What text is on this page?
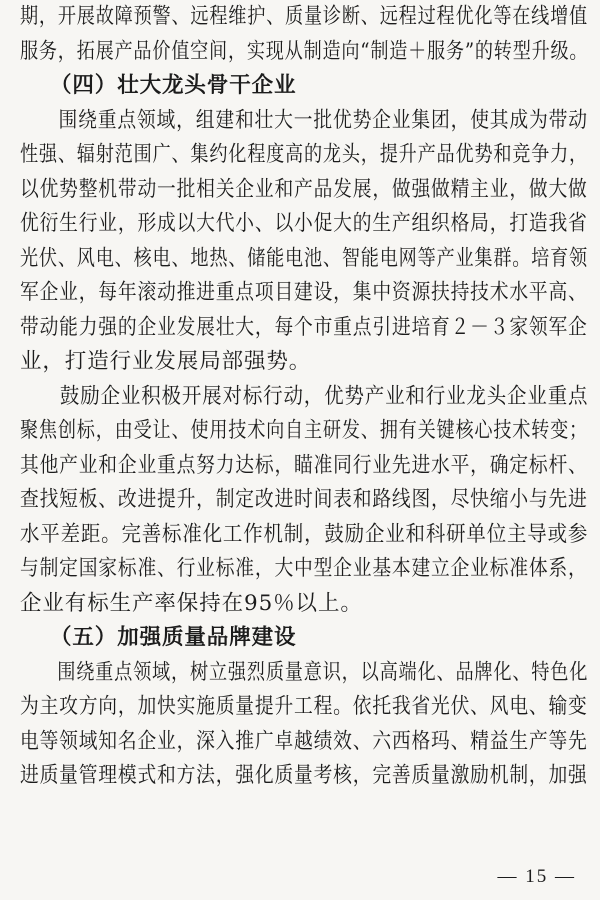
期，开展故障预警、远程维护、质量诊断、远程过程优化等在线增值
服务，拓展产品价值空间，实现从制造向“制造＋服务”的转型升级。

（四）壮大龙头骨干企业

围绕重点领域，组建和壮大一批优势企业集团，使其成为带动
性强、辐射范围广、集约化程度高的龙头，提升产品优势和竞争力，
以优势整机带动一批相关企业和产品发展，做强做精主业，做大做
优衍生行业，形成以大代小、以小促大的生产组织格局，打造我省
光伏、风电、核电、地热、储能电池、智能电网等产业集群。培育领
军企业，每年滚动推进重点项目建设，集中资源扶持技术水平高、
带动能力强的企业发展壮大，每个市重点引进培育２－３家领军企
业，打造行业发展局部强势。
鼓励企业积极开展对标行动，优势产业和行业龙头企业重点
聚焦创标，由受让、使用技术向自主研发、拥有关键核心技术转变；
其他产业和企业重点努力达标，瞄准同行业先进水平，确定标杆、
查找短板、改进提升，制定改进时间表和路线图，尽快缩小与先进
水平差距。完善标准化工作机制，鼓励企业和科研单位主导或参
与制定国家标准、行业标准，大中型企业基本建立企业标准体系，
企业有标生产率保持在95％以上。

（五）加强质量品牌建设

围绕重点领域，树立强烈质量意识，以高端化、品牌化、特色化
为主攻方向，加快实施质量提升工程。依托我省光伏、风电、输变
电等领域知名企业，深入推广卓越绩效、六西格玛、精益生产等先
进质量管理模式和方法，强化质量考核，完善质量激励机制，加强
— 15 —
